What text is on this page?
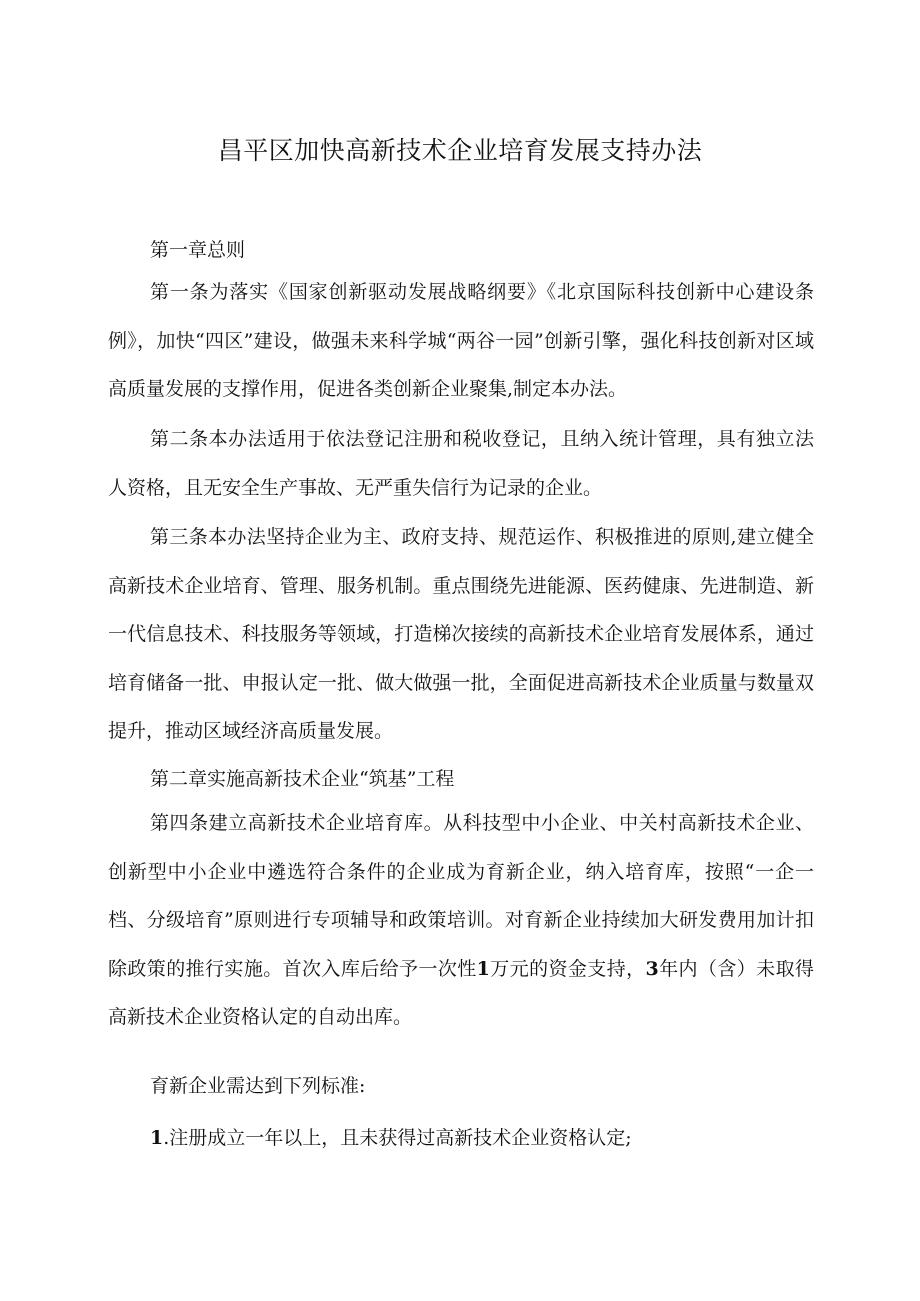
昌平区加快高新技术企业培育发展支持办法

第一章总则

第一条为落实《国家创新驱动发展战略纲要》《北京国际科技创新中心建设条例》，加快“四区”建设，做强未来科学城“两谷一园”创新引擎，强化科技创新对区域高质量发展的支撑作用，促进各类创新企业聚集,制定本办法。

第二条本办法适用于依法登记注册和税收登记，且纳入统计管理，具有独立法人资格，且无安全生产事故、无严重失信行为记录的企业。

第三条本办法坚持企业为主、政府支持、规范运作、积极推进的原则,建立健全高新技术企业培育、管理、服务机制。重点围绕先进能源、医药健康、先进制造、新一代信息技术、科技服务等领域，打造梯次接续的高新技术企业培育发展体系，通过培育储备一批、申报认定一批、做大做强一批，全面促进高新技术企业质量与数量双提升，推动区域经济高质量发展。

第二章实施高新技术企业“筑基”工程

第四条建立高新技术企业培育库。从科技型中小企业、中关村高新技术企业、创新型中小企业中遴选符合条件的企业成为育新企业，纳入培育库，按照“一企一档、分级培育”原则进行专项辅导和政策培训。对育新企业持续加大研发费用加计扣除政策的推行实施。首次入库后给予一次性1万元的资金支持，3年内（含）未取得高新技术企业资格认定的自动出库。

育新企业需达到下列标准:

1.注册成立一年以上，且未获得过高新技术企业资格认定;
